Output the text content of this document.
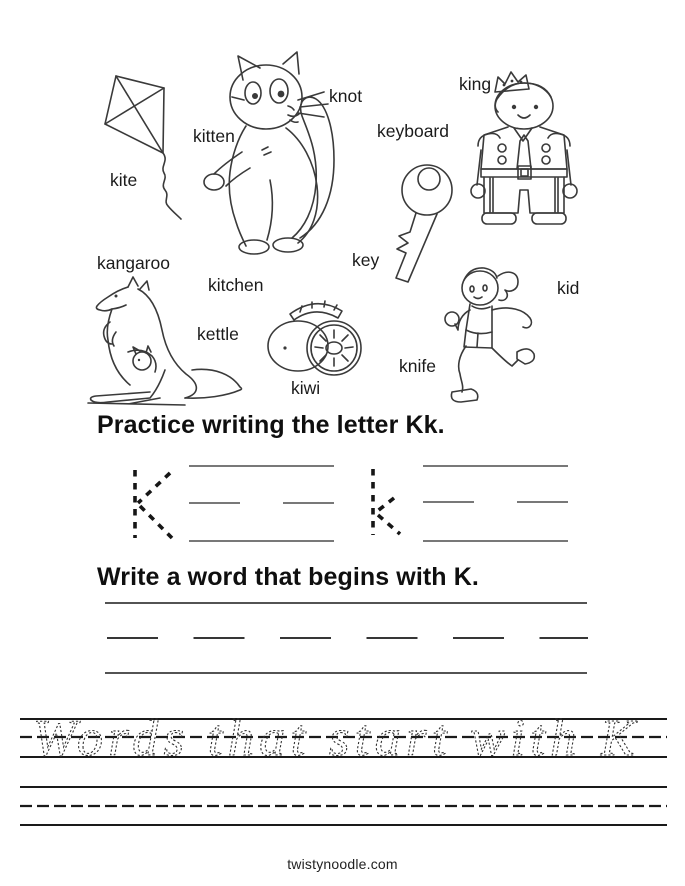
Words that start with K
kite
kitten
knot
keyboard
king
key
kangaroo
kitchen
kettle
kiwi
knife
kid
Practice writing the letter Kk.
Write a word that begins with K.
twistynoodle.com
